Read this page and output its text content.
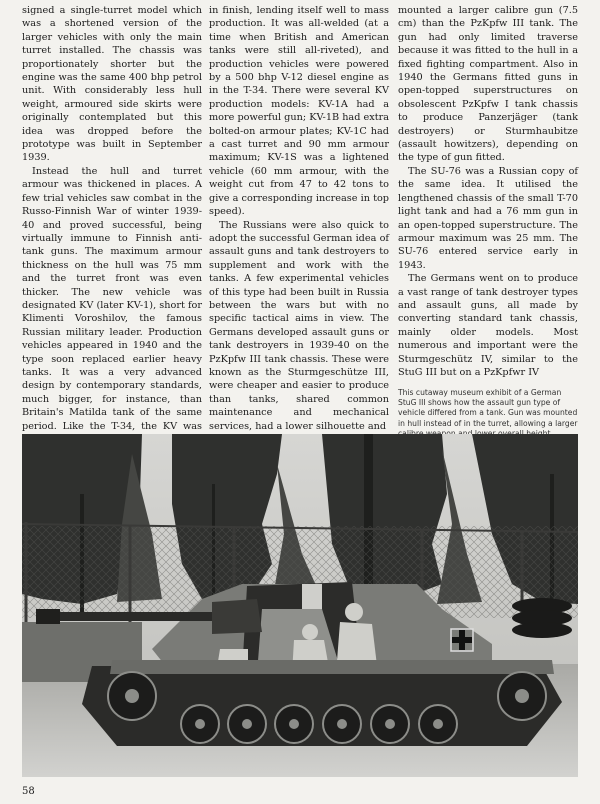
signed a single-turret model which was a shortened version of the larger vehicles with only the main turret installed. The chassis was proportionately shorter but the engine was the same 400 bhp petrol unit. With considerably less hull weight, armoured side skirts were originally contemplated but this idea was dropped before the prototype was built in September 1939.

Instead the hull and turret armour was thickened in places. A few trial vehicles saw combat in the Russo-Finnish War of winter 1939-40 and proved successful, being virtually immune to Finnish anti-tank guns. The maximum armour thickness on the hull was 75 mm and the turret front was even thicker. The new vehicle was designated KV (later KV-1), short for Klimenti Voroshilov, the famous Russian military leader. Production vehicles appeared in 1940 and the type soon replaced earlier heavy tanks. It was a very advanced design by contemporary standards, much bigger, for instance, than Britain's Matilda tank of the same period. Like the T-34, the KV was

in finish, lending itself well to mass production. It was all-welded (at a time when British and American tanks were still all-riveted), and production vehicles were powered by a 500 bhp V-12 diesel engine as in the T-34. There were several KV production models: KV-1A had a more powerful gun; KV-1B had extra bolted-on armour plates; KV-1C had a cast turret and 90 mm armour maximum; KV-1S was a lightened vehicle (60 mm armour, with the weight cut from 47 to 42 tons to give a corresponding increase in top speed).

The Russians were also quick to adopt the successful German idea of assault guns and tank destroyers to supplement and work with the tanks. A few experimental vehicles of this type had been built in Russia between the wars but with no specific tactical aims in view. The Germans developed assault guns or tank destroyers in 1939-40 on the PzKpfw III tank chassis. These were known as the Sturmgeschütze III, were cheaper and easier to produce than tanks, shared common maintenance and mechanical services, had a lower silhouette and

mounted a larger calibre gun (7.5 cm) than the PzKpfw III tank. The gun had only limited traverse because it was fitted to the hull in a fixed fighting compartment. Also in 1940 the Germans fitted guns in open-topped superstructures on obsolescent PzKpfw I tank chassis to produce Panzerjäger (tank destroyers) or Sturmhaubitze (assault howitzers), depending on the type of gun fitted.

The SU-76 was a Russian copy of the same idea. It utilised the lengthened chassis of the small T-70 light tank and had a 76 mm gun in an open-topped superstructure. The armour maximum was 25 mm. The SU-76 entered service early in 1943.

The Germans went on to produce a vast range of tank destroyer types and assault guns, all made by converting standard tank chassis, mainly older models. Most numerous and important were the Sturmgeschütz IV, similar to the StuG III but on a PzKpfwr IV

This cutaway museum exhibit of a German StuG III shows how the assault gun type of vehicle differed from a tank. Gun was mounted in hull instead of in the turret, allowing a larger
58
